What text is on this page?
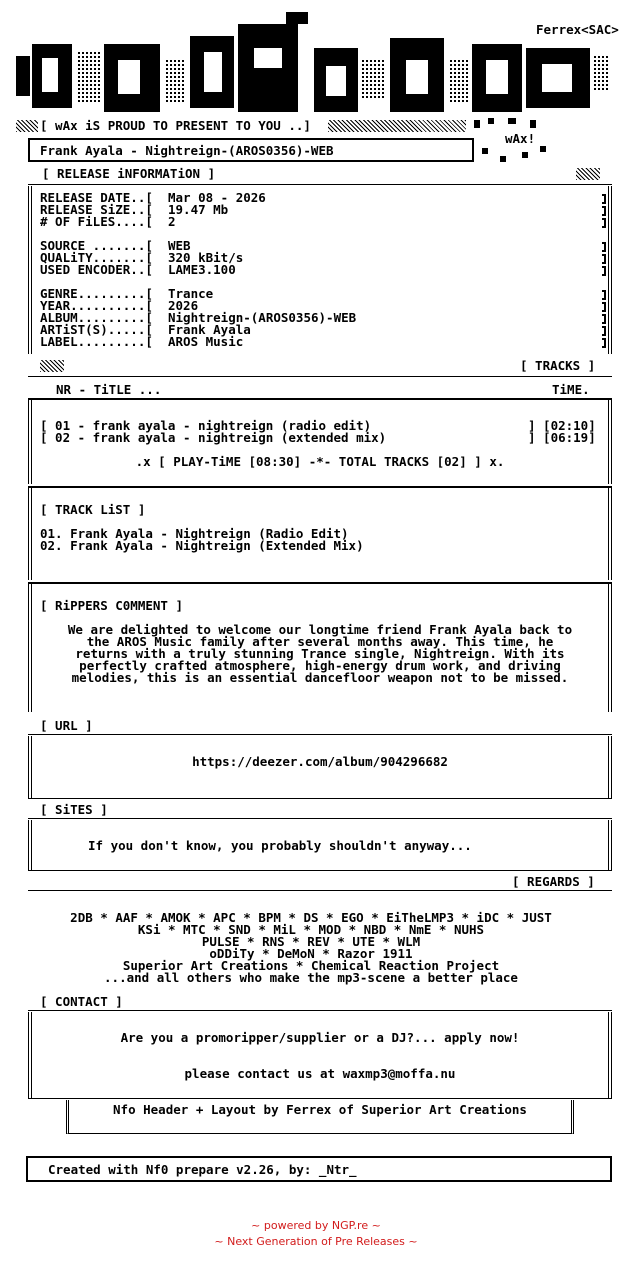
Ferrex<SAC>
wAx!
[ wAx iS PROUD TO PRESENT TO YOU ..]
Frank Ayala - Nightreign-(AROS0356)-WEB
[ RELEASE iNFORMATiON ]
RELEASE DATE..[ Mar 08 - 2026
RELEASE SiZE..[ 19.47 Mb
# OF FiLES....[ 2
SOURCE .......[ WEB
QUALiTY.......[ 320 kBit/s
USED ENCODER..[ LAME3.100
GENRE.........[ Trance
YEAR..........[ 2026
ALBUM.........[ Nightreign-(AROS0356)-WEB
ARTiST(S).....[ Frank Ayala
LABEL.........[ AROS Music
[ TRACKS ]
NR - TiTLE ...	TiME.
[ 01 - frank ayala - nightreign (radio edit)	] [02:10]
[ 02 - frank ayala - nightreign (extended mix)	] [06:19]
.x [ PLAY-TiME [08:30] -*- TOTAL TRACKS [02] ] x.
[ TRACK LiST ]
01. Frank Ayala - Nightreign (Radio Edit)
02. Frank Ayala - Nightreign (Extended Mix)
[ RiPPERS C0MMENT ]
We are delighted to welcome our longtime friend Frank Ayala back to
the AROS Music family after several months away. This time, he
returns with a truly stunning Trance single, Nightreign. With its
perfectly crafted atmosphere, high-energy drum work, and driving
melodies, this is an essential dancefloor weapon not to be missed.
[ URL ]
https://deezer.com/album/904296682
[ SiTES ]
If you don't know, you probably shouldn't anyway...
[ REGARDS ]
2DB * AAF * AMOK * APC * BPM * DS * EGO * EiTheLMP3 * iDC * JUST
KSi * MTC * SND * MiL * MOD * NBD * NmE * NUHS
PULSE * RNS * REV * UTE * WLM
oDDiTy * DeMoN * Razor 1911
Superior Art Creations * Chemical Reaction Project
...and all others who make the mp3-scene a better place
[ CONTACT ]
Are you a promoripper/supplier or a DJ?... apply now!
please contact us at waxmp3@moffa.nu
Nfo Header + Layout by Ferrex of Superior Art Creations
Created with Nf0 prepare v2.26, by: _Ntr_
~ powered by NGP.re ~
~ Next Generation of Pre Releases ~
